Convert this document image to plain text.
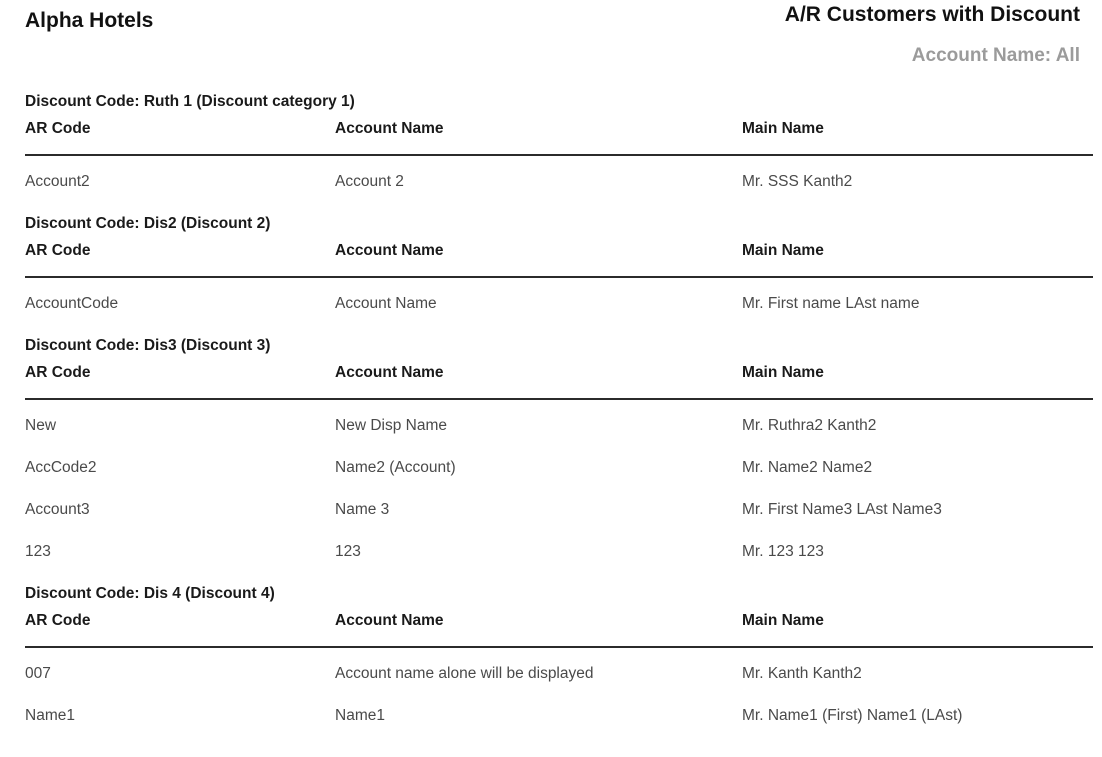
Alpha Hotels	A/R Customers with Discount
Account Name: All
Discount Code: Ruth 1 (Discount category 1)
AR Code	Account Name	Main Name
Account2	Account 2	Mr. SSS Kanth2
Discount Code: Dis2 (Discount 2)
AR Code	Account Name	Main Name
AccountCode	Account Name	Mr. First name LAst name
Discount Code: Dis3 (Discount 3)
AR Code	Account Name	Main Name
New	New Disp Name	Mr. Ruthra2 Kanth2
AccCode2	Name2 (Account)	Mr. Name2 Name2
Account3	Name 3	Mr. First Name3 LAst Name3
123	123	Mr. 123 123
Discount Code: Dis 4 (Discount 4)
AR Code	Account Name	Main Name
007	Account name alone will be displayed	Mr. Kanth Kanth2
Name1	Name1	Mr. Name1 (First) Name1 (LAst)
